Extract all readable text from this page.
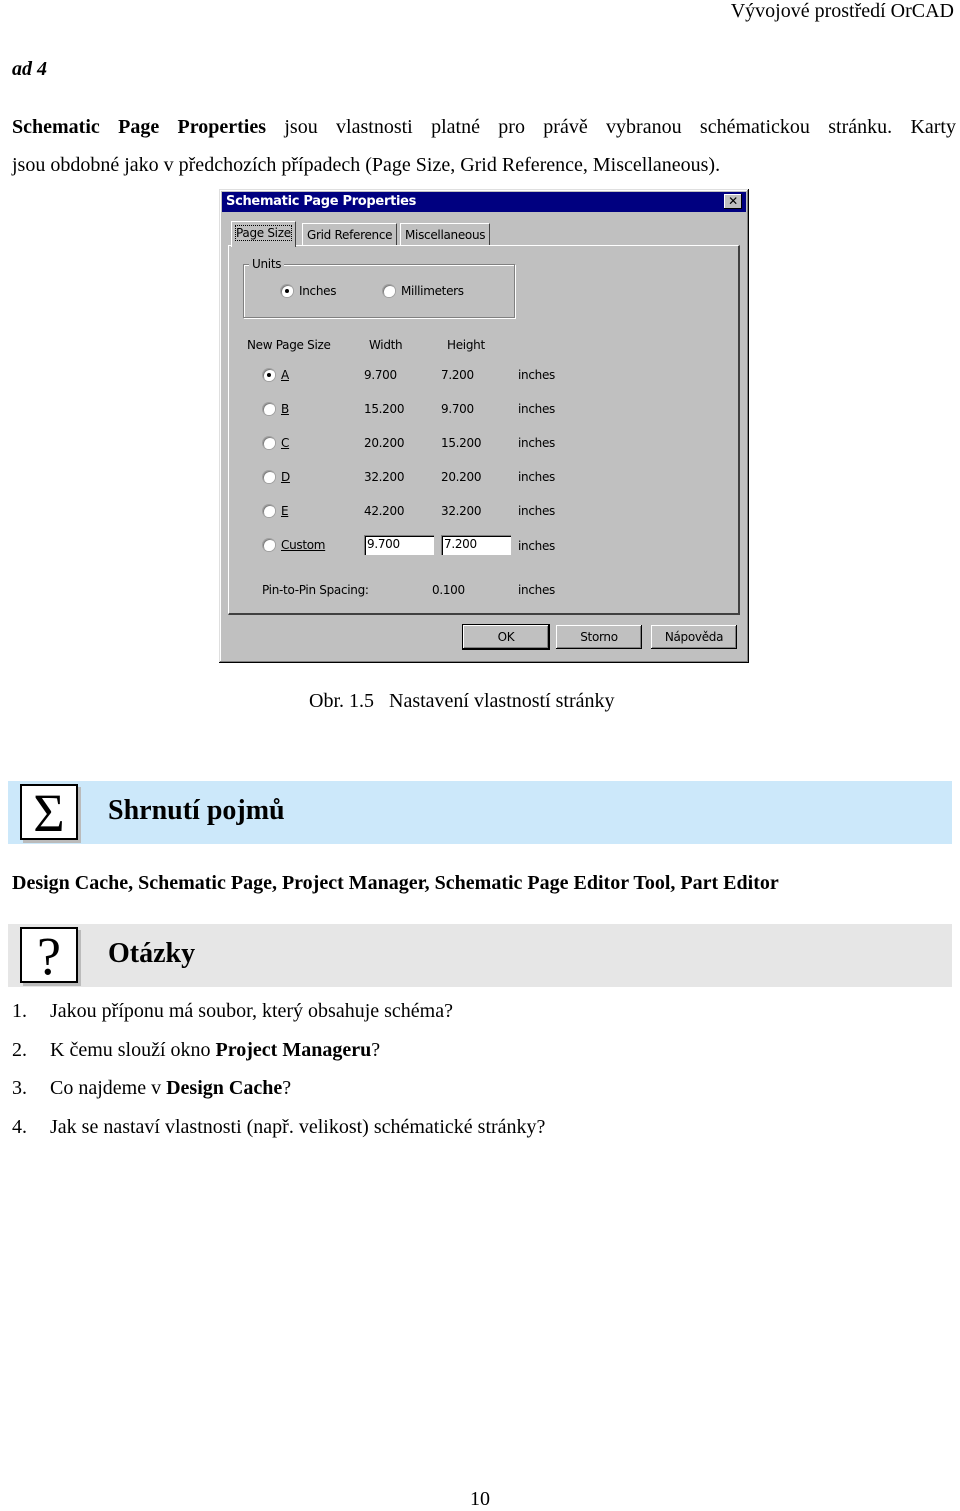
Vývojové prostředí OrCAD
ad 4

Schematic Page Properties jsou vlastnosti platné pro právě vybranou schématickou stránku. Karty

jsou obdobné jako v předchozích případech (Page Size, Grid Reference, Miscellaneous).

Schematic Page Properties	✕
Page Size	Grid Reference	Miscellaneous
Units
Inches	Millimeters
New Page Size	Width	Height
A	9.700	7.200	inches
B	15.200	9.700	inches
C	20.200	15.200	inches
D	32.200	20.200	inches
E	42.200	32.200	inches
Custom	9.700	7.200	inches
Pin-to-Pin Spacing:	0.100	inches
OK	Storno	Nápověda
Obr. 1.5   Nastavení vlastností stránky
Σ	Shrnutí pojmů
Design Cache, Schematic Page, Project Manager, Schematic Page Editor Tool, Part Editor
?	Otázky
1. Jakou příponu má soubor, který obsahuje schéma?
2. K čemu slouží okno Project Manageru?
3. Co najdeme v Design Cache?
4. Jak se nastaví vlastnosti (např. velikost) schématické stránky?
10
